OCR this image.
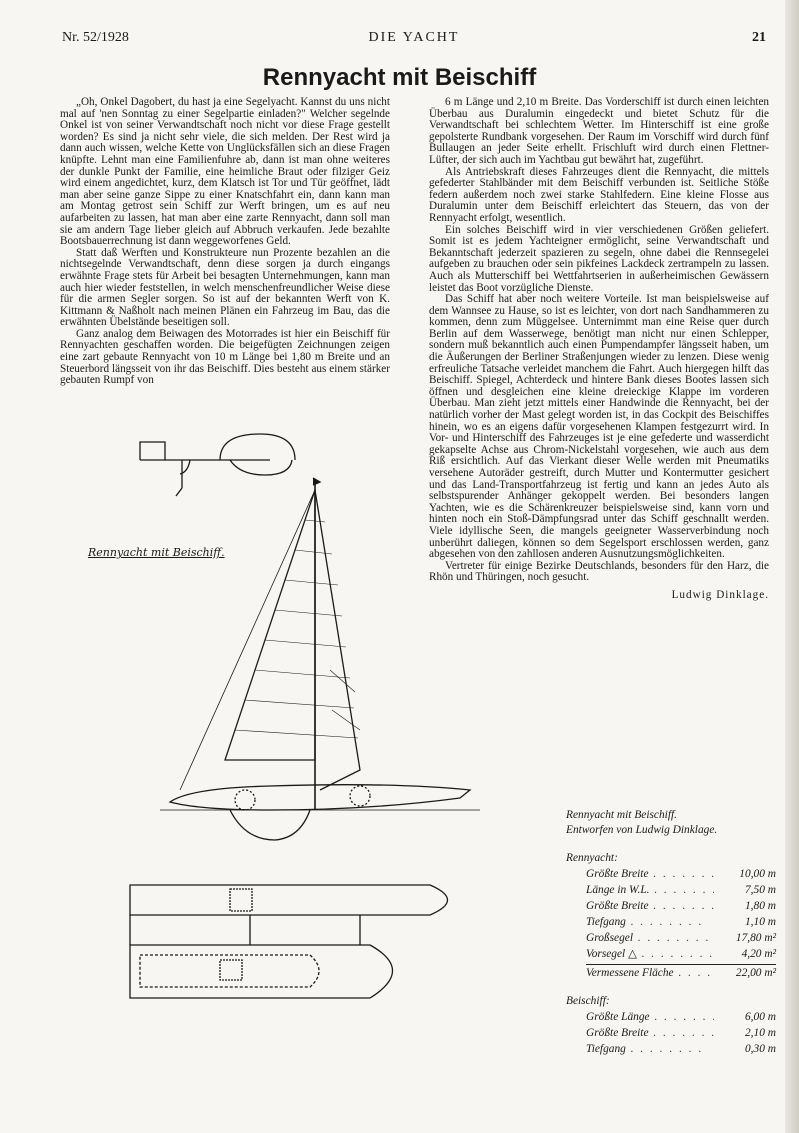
Nr. 52/1928	DIE YACHT	21
Rennyacht mit Beischiff

„Oh, Onkel Dagobert, du hast ja eine Segelyacht. Kannst du uns nicht mal auf 'nen Sonntag zu einer Segelpartie einladen?" Welcher segelnde Onkel ist von seiner Verwandtschaft noch nicht vor diese Frage gestellt worden? Es sind ja nicht sehr viele, die sich melden. Der Rest wird ja dann auch wissen, welche Kette von Unglücksfällen sich an diese Fragen knüpfte. Lehnt man eine Familienfuhre ab, dann ist man ohne weiteres der dunkle Punkt der Familie, eine heimliche Braut oder filziger Geiz wird einem angedichtet, kurz, dem Klatsch ist Tor und Tür geöffnet, lädt man aber seine ganze Sippe zu einer Knatschfahrt ein, dann kann man am Montag getrost sein Schiff zur Werft bringen, um es auf neu aufarbeiten zu lassen, hat man aber eine zarte Rennyacht, dann soll man sie am andern Tage lieber gleich auf Abbruch verkaufen. Jede bezahlte Bootsbauerrechnung ist dann weggeworfenes Geld.

Statt daß Werften und Konstrukteure nun Prozente bezahlen an die nichtsegelnde Verwandtschaft, denn diese sorgen ja durch eingangs erwähnte Frage stets für Arbeit bei besagten Unternehmungen, kann man auch hier wieder feststellen, in welch menschenfreundlicher Weise diese für die armen Segler sorgen. So ist auf der bekannten Werft von K. Kittmann & Naßholt nach meinen Plänen ein Fahrzeug im Bau, das die erwähnten Übelstände beseitigen soll.

Ganz analog dem Beiwagen des Motorrades ist hier ein Beischiff für Rennyachten geschaffen worden. Die beigefügten Zeichnungen zeigen eine zart gebaute Rennyacht von 10 m Länge bei 1,80 m Breite und an Steuerbord längsseit von ihr das Beischiff. Dies besteht aus einem stärker gebauten Rumpf von

6 m Länge und 2,10 m Breite. Das Vorderschiff ist durch einen leichten Überbau aus Duralumin eingedeckt und bietet Schutz für die Verwandtschaft bei schlechtem Wetter. Im Hinterschiff ist eine große gepolsterte Rundbank vorgesehen. Der Raum im Vorschiff wird durch fünf Bullaugen an jeder Seite erhellt. Frischluft wird durch einen Flettner-Lüfter, der sich auch im Yachtbau gut bewährt hat, zugeführt.

Als Antriebskraft dieses Fahrzeuges dient die Rennyacht, die mittels gefederter Stahlbänder mit dem Beischiff verbunden ist. Seitliche Stöße federn außerdem noch zwei starke Stahlfedern. Eine kleine Flosse aus Duralumin unter dem Beischiff erleichtert das Steuern, das von der Rennyacht erfolgt, wesentlich.

Ein solches Beischiff wird in vier verschiedenen Größen geliefert. Somit ist es jedem Yachteigner ermöglicht, seine Verwandtschaft und Bekanntschaft jederzeit spazieren zu segeln, ohne dabei die Rennsegelei aufgeben zu brauchen oder sein pikfeines Lackdeck zertrampeln zu lassen. Auch als Mutterschiff bei Wettfahrtserien in außerheimischen Gewässern leistet das Boot vorzügliche Dienste.

Das Schiff hat aber noch weitere Vorteile. Ist man beispielsweise auf dem Wannsee zu Hause, so ist es leichter, von dort nach Sandhammeren zu kommen, denn zum Müggelsee. Unternimmt man eine Reise quer durch Berlin auf dem Wasserwege, benötigt man nicht nur einen Schlepper, sondern muß bekanntlich auch einen Pumpendampfer längsseit haben, um die Äußerungen der Berliner Straßenjungen wieder zu lenzen. Diese wenig erfreuliche Tatsache verleidet manchem die Fahrt. Auch hiergegen hilft das Beischiff. Spiegel, Achterdeck und hintere Bank dieses Bootes lassen sich öffnen und desgleichen eine kleine dreieckige Klappe im vorderen Überbau. Man zieht jetzt mittels einer Handwinde die Rennyacht, bei der natürlich vorher der Mast gelegt worden ist, in das Cockpit des Beischiffes hinein, wo es an eigens dafür vorgesehenen Klampen festgezurrt wird. In Vor- und Hinterschiff des Fahrzeuges ist je eine gefederte und wasserdicht gekapselte Achse aus Chrom-Nickelstahl vorgesehen, wie auch aus dem Riß ersichtlich. Auf das Vierkant dieser Welle werden mit Pneumatiks versehene Autoräder gestreift, durch Mutter und Kontermutter gesichert und das Land-Transportfahrzeug ist fertig und kann an jedes Auto als selbstspurender Anhänger gekoppelt werden. Bei besonders langen Yachten, wie es die Schärenkreuzer beispielsweise sind, kann vorn und hinten noch ein Stoß-Dämpfungsrad unter das Schiff geschnallt werden. Viele idyllische Seen, die mangels geeigneter Wasserverbindung noch unberührt daliegen, können so dem Segelsport erschlossen werden, ganz abgesehen von den zahllosen anderen Ausnutzungsmöglichkeiten.

Vertreter für einige Bezirke Deutschlands, besonders für den Harz, die Rhön und Thüringen, noch gesucht.

Ludwig Dinklage.
Rennyacht mit Beischiff.
Rennyacht mit Beischiff.
Entworfen von Ludwig Dinklage.
Rennyacht:
Größte Breite . . .	10,00 m
Länge in W.L. . . .	7,50 m
Größte Breite . . .	1,80 m
Tiefgang . . .	1,10 m
Großsegel . . .	17,80 m²
Vorsegel △ . . .	4,20 m²
Vermessene Fläche . . .	22,00 m²
Beischiff:
Größte Länge . . .	6,00 m
Größte Breite . . .	2,10 m
Tiefgang . . .	0,30 m
